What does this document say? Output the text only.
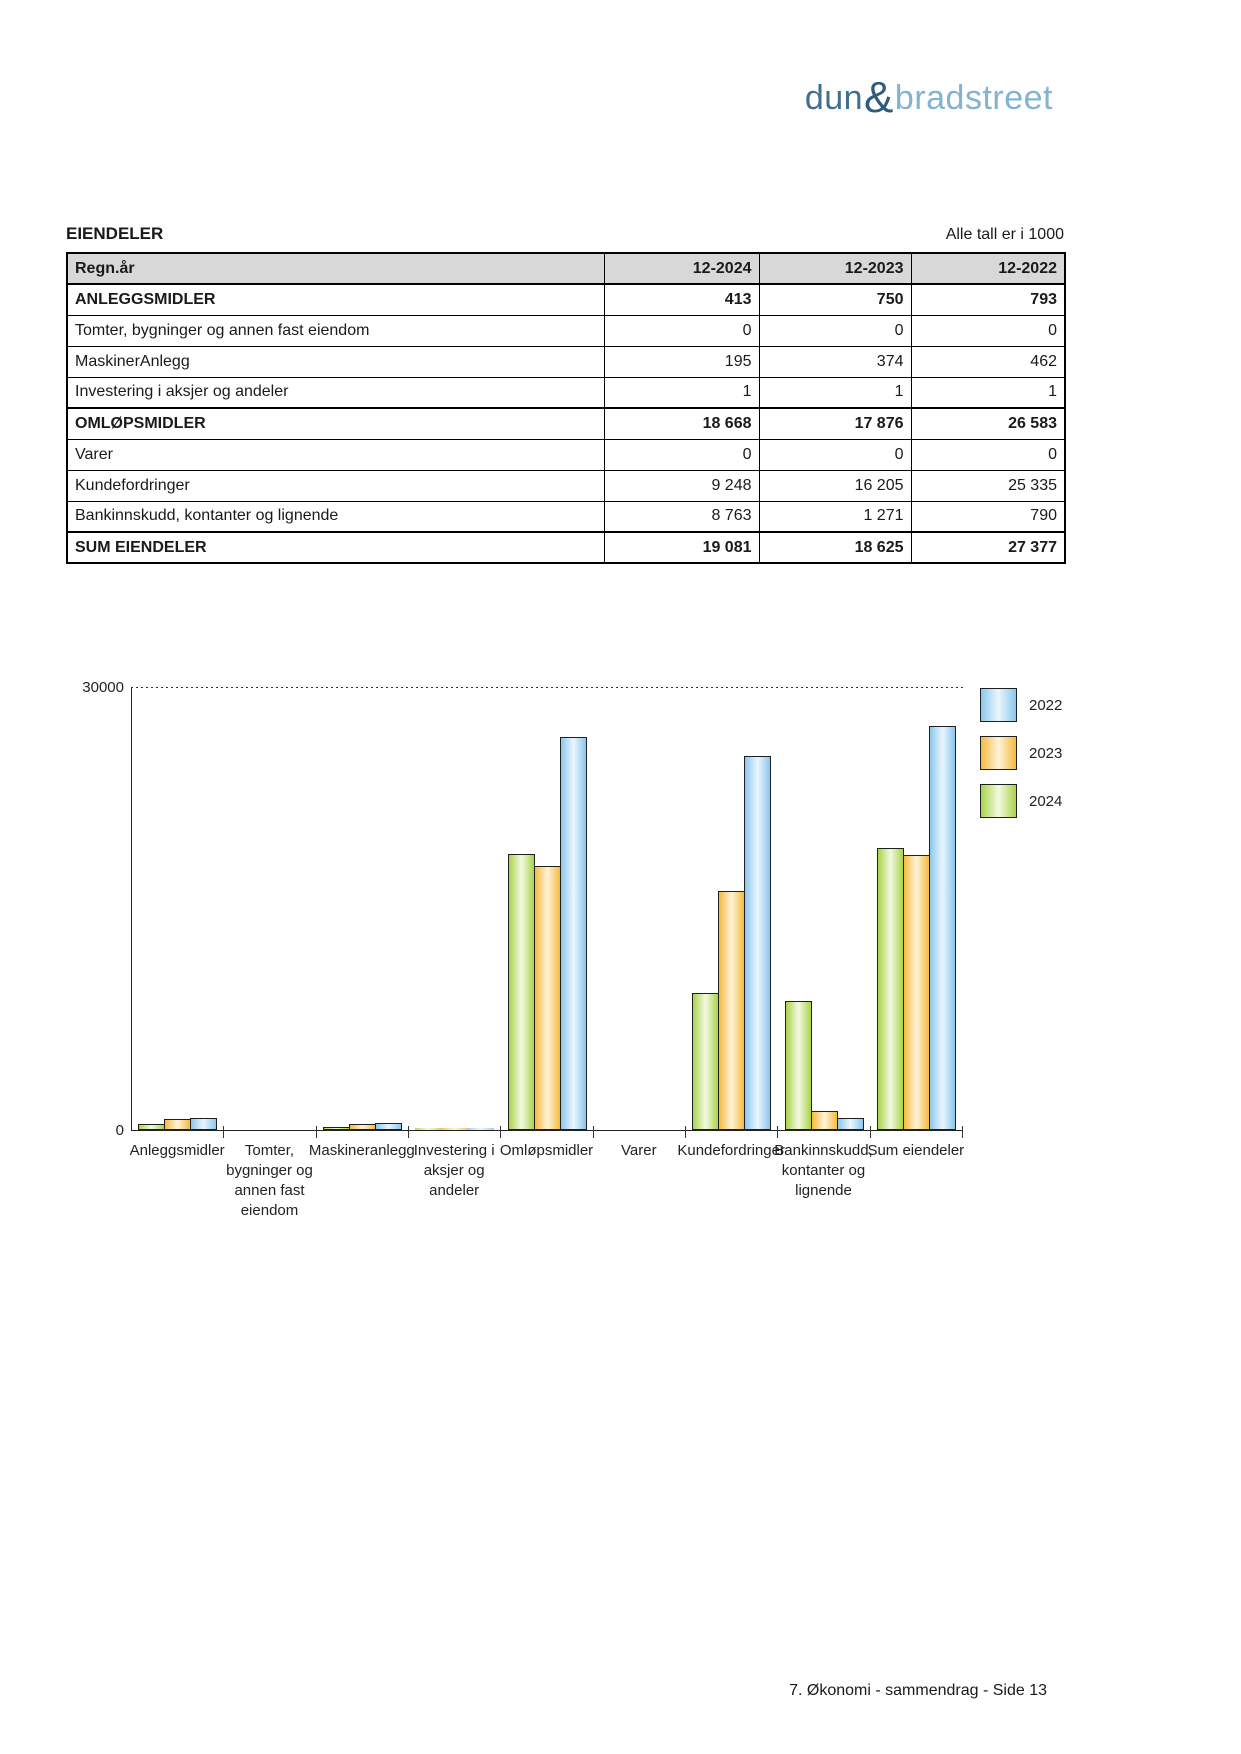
dun & bradstreet
EIENDELER	Alle tall er i 1000
Regn.år	12-2024	12-2023	12-2022
ANLEGGSMIDLER	413	750	793
Tomter, bygninger og annen fast eiendom	0	0	0
MaskinerAnlegg	195	374	462
Investering i aksjer og andeler	1	1	1
OMLØPSMIDLER	18 668	17 876	26 583
Varer	0	0	0
Kundefordringer	9 248	16 205	25 335
Bankinnskudd, kontanter og lignende	8 763	1 271	790
SUM EIENDELER	19 081	18 625	27 377
0
30000
Anleggsmidler	Tomter,
bygninger og
annen fast
eiendom
Maskineranlegg
Investering i
aksjer og
andeler
Omløpsmidler	Varer	Kundefordringer
Bankinnskudd,
kontanter og
lignende
Sum eiendeler
2022
2023
2024
7. Økonomi - sammendrag - Side 13
